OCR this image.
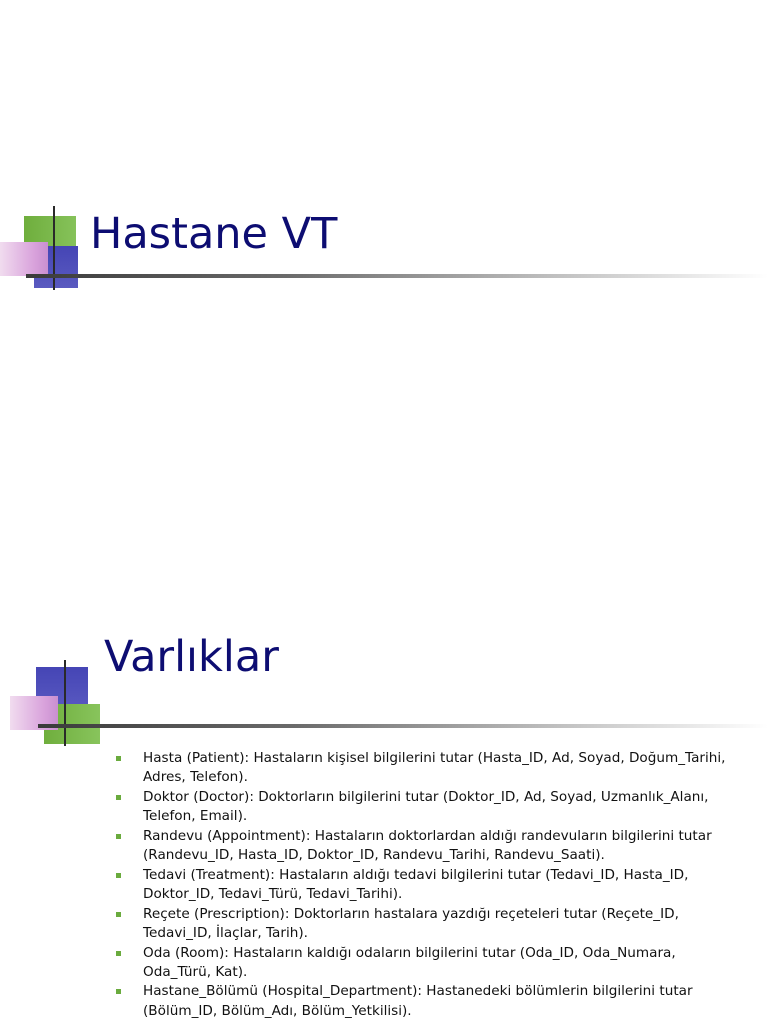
Hastane VT
Varlıklar
Hasta (Patient): Hastaların kişisel bilgilerini tutar (Hasta_ID, Ad, Soyad, Doğum_Tarihi, Adres, Telefon).
Doktor (Doctor): Doktorların bilgilerini tutar (Doktor_ID, Ad, Soyad, Uzmanlık_Alanı, Telefon, Email).
Randevu (Appointment): Hastaların doktorlardan aldığı randevuların bilgilerini tutar (Randevu_ID, Hasta_ID, Doktor_ID, Randevu_Tarihi, Randevu_Saati).
Tedavi (Treatment): Hastaların aldığı tedavi bilgilerini tutar (Tedavi_ID, Hasta_ID, Doktor_ID, Tedavi_Türü, Tedavi_Tarihi).
Reçete (Prescription): Doktorların hastalara yazdığı reçeteleri tutar (Reçete_ID, Tedavi_ID, İlaçlar, Tarih).
Oda (Room): Hastaların kaldığı odaların bilgilerini tutar (Oda_ID, Oda_Numara, Oda_Türü, Kat).
Hastane_Bölümü (Hospital_Department): Hastanedeki bölümlerin bilgilerini tutar (Bölüm_ID, Bölüm_Adı, Bölüm_Yetkilisi).
